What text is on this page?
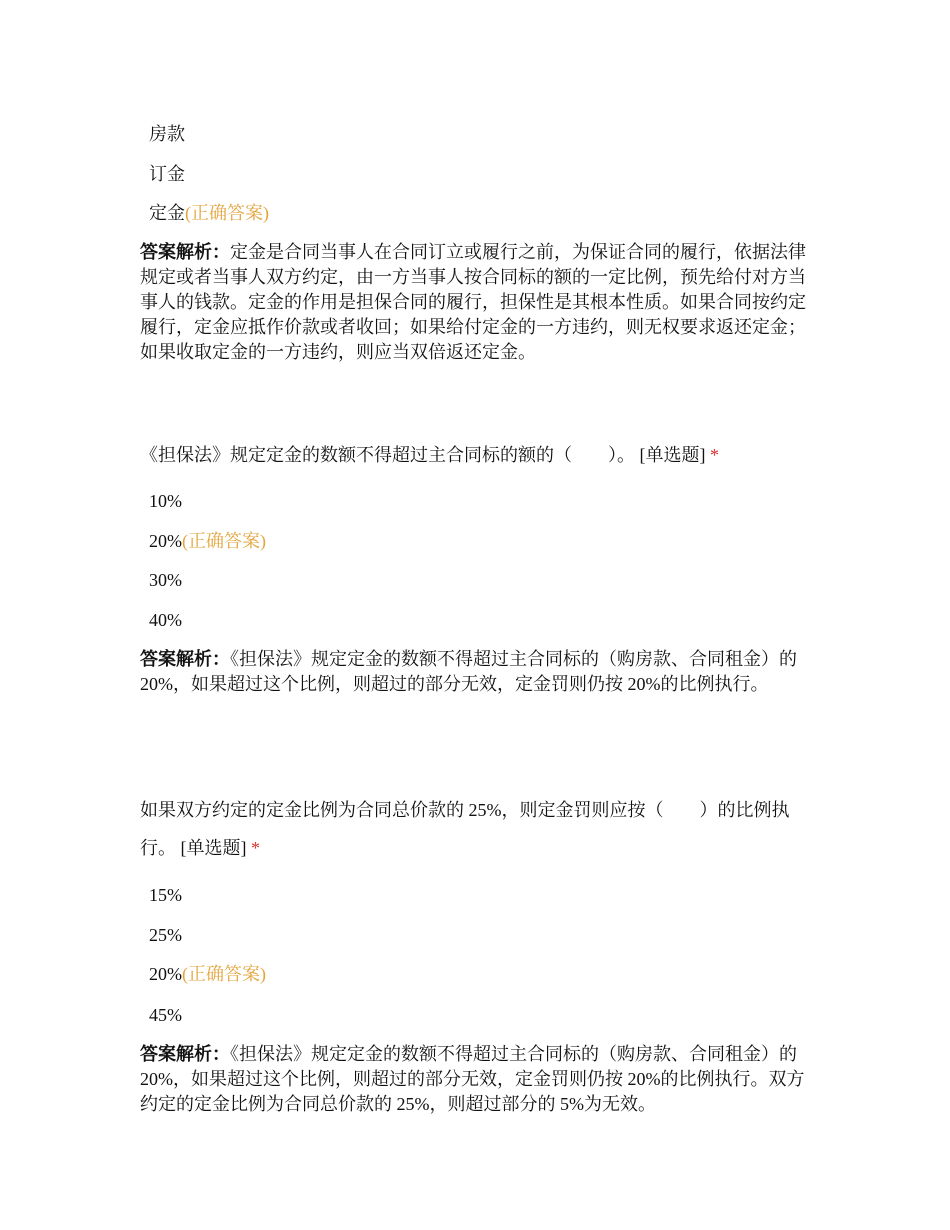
房款
订金
定金(正确答案)
答案解析：定金是合同当事人在合同订立或履行之前，为保证合同的履行，依据法律规定或者当事人双方约定，由一方当事人按合同标的额的一定比例，预先给付对方当事人的钱款。定金的作用是担保合同的履行，担保性是其根本性质。如果合同按约定履行，定金应抵作价款或者收回；如果给付定金的一方违约，则无权要求返还定金；如果收取定金的一方违约，则应当双倍返还定金。
《担保法》规定定金的数额不得超过主合同标的额的（　　）。 [单选题] *
10%
20%(正确答案)
30%
40%
答案解析：《担保法》规定定金的数额不得超过主合同标的（购房款、合同租金）的 20%，如果超过这个比例，则超过的部分无效，定金罚则仍按 20%的比例执行。
如果双方约定的定金比例为合同总价款的 25%，则定金罚则应按（　　）的比例执行。 [单选题] *
15%
25%
20%(正确答案)
45%
答案解析：《担保法》规定定金的数额不得超过主合同标的（购房款、合同租金）的 20%，如果超过这个比例，则超过的部分无效，定金罚则仍按 20%的比例执行。双方约定的定金比例为合同总价款的 25%，则超过部分的 5%为无效。
